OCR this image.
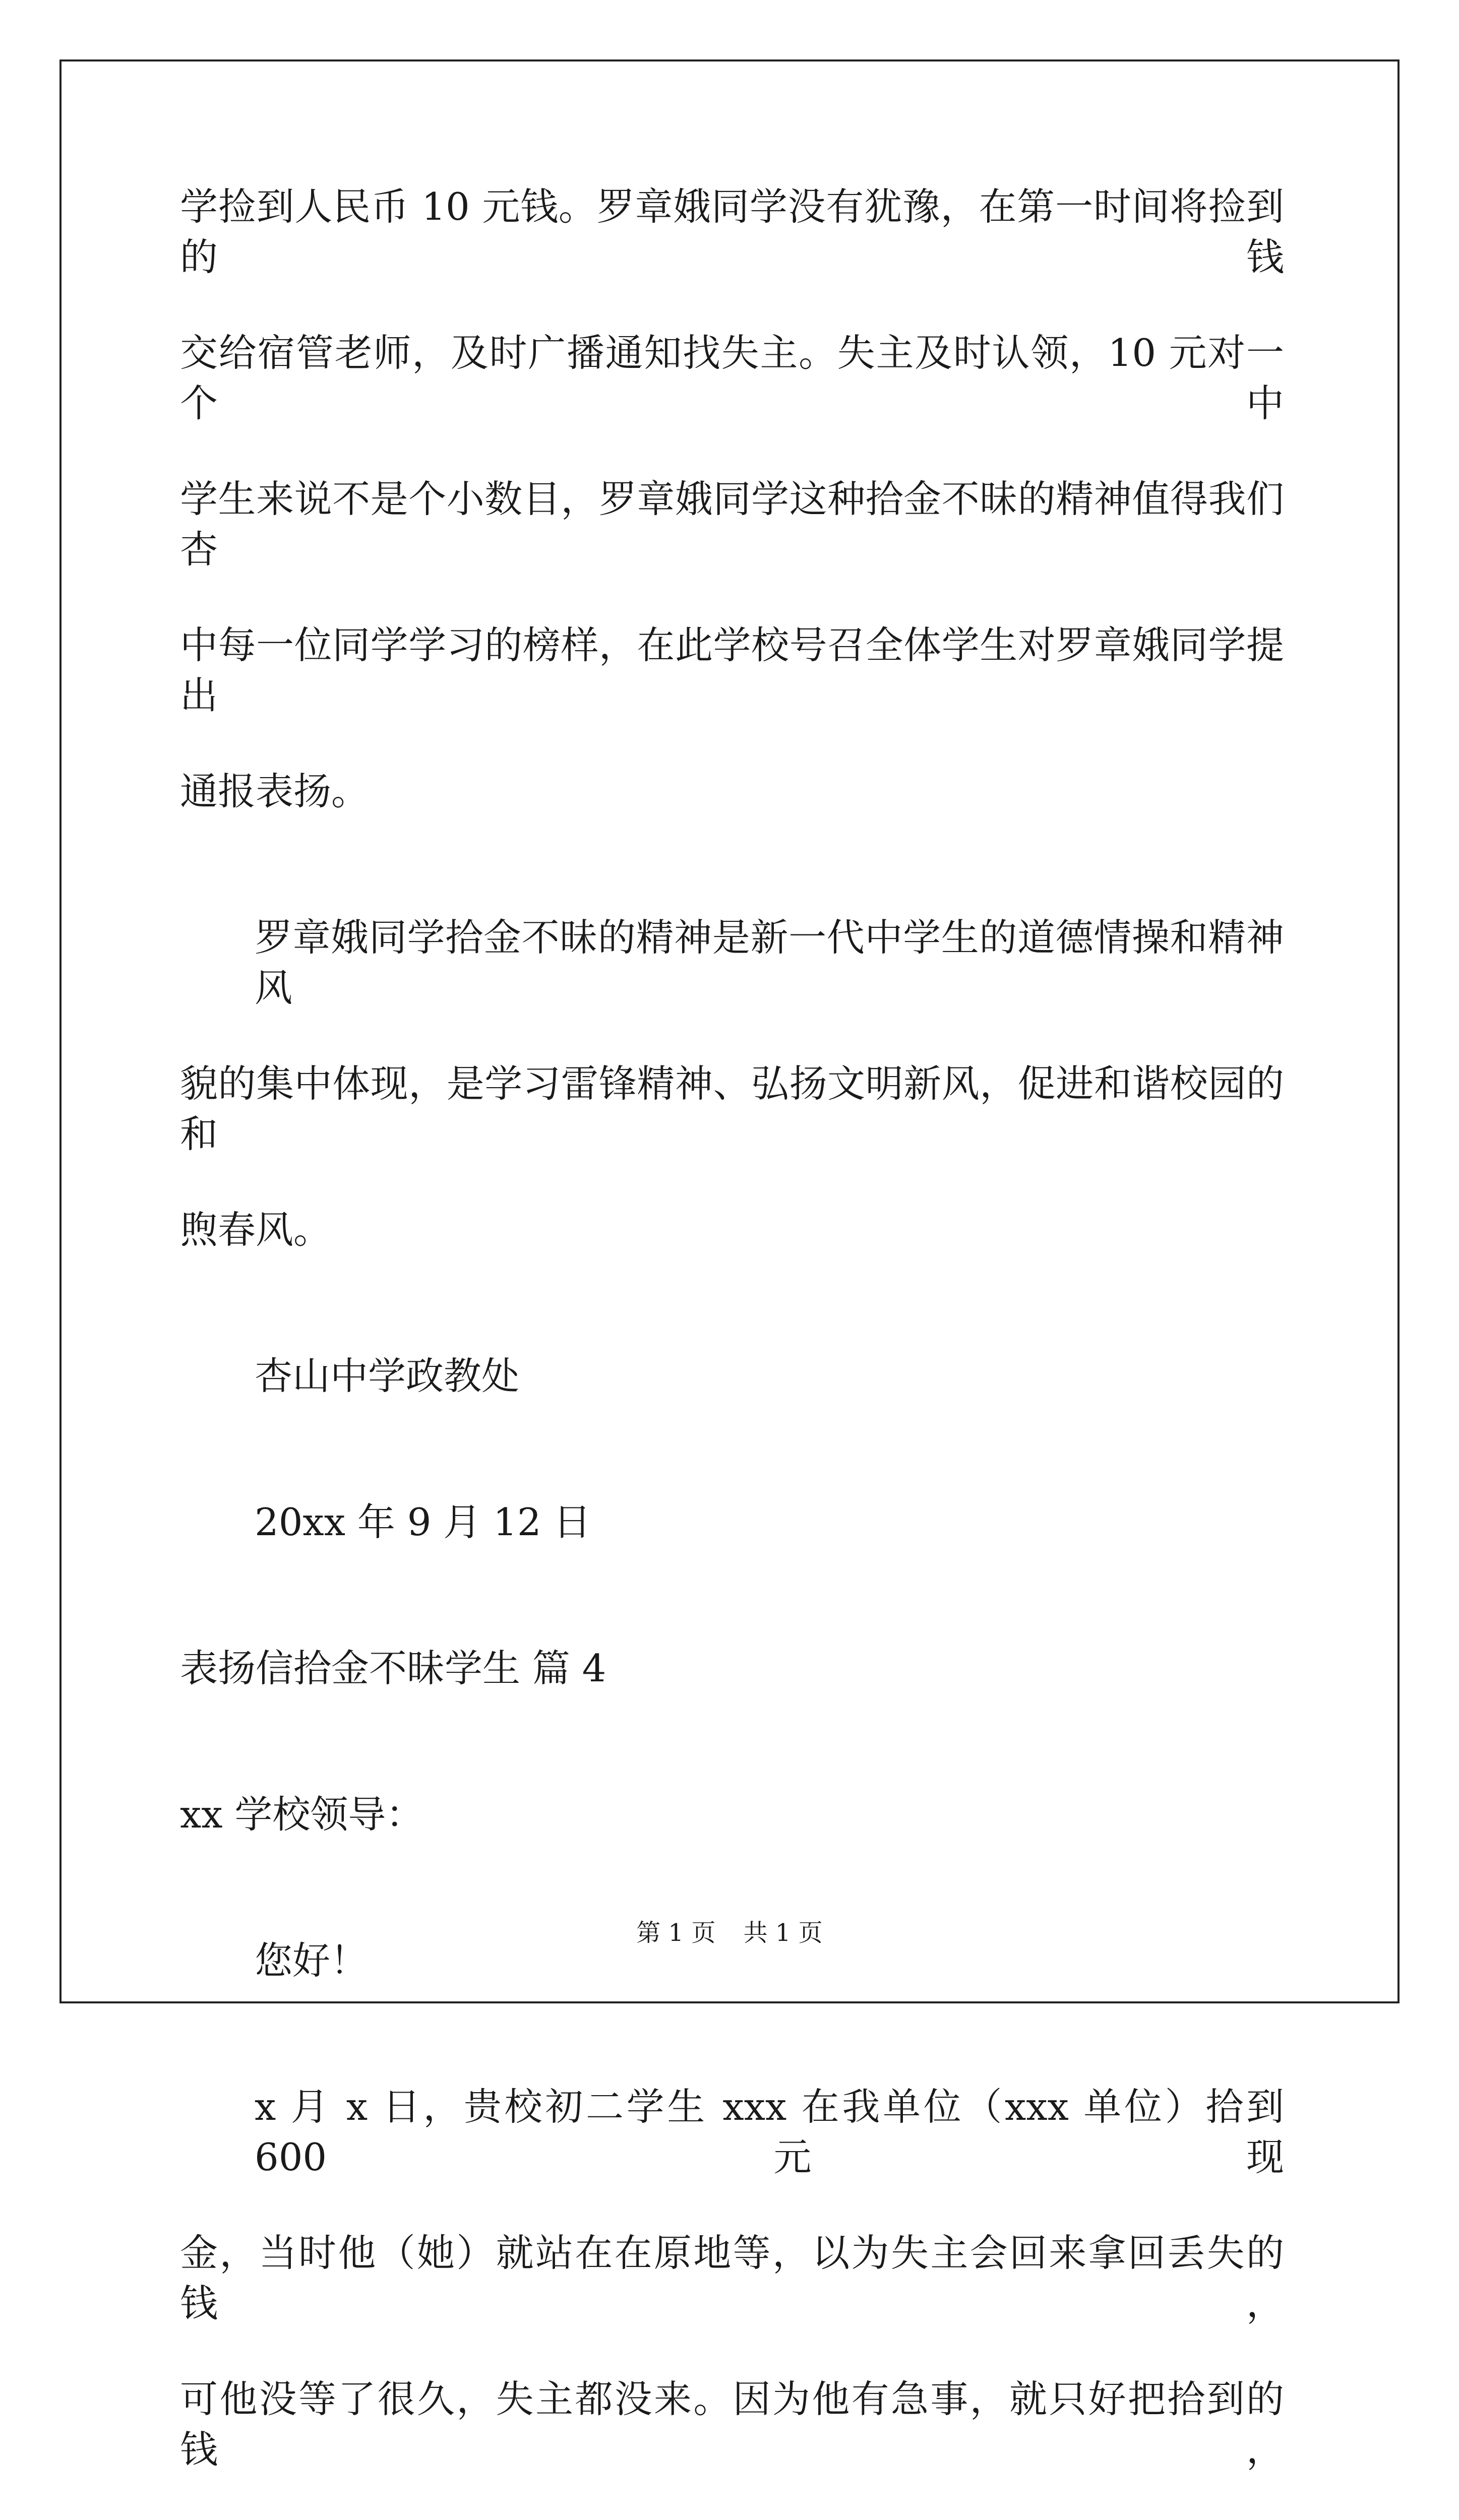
学捡到人民币 10 元钱。罗章娥同学没有犹豫，在第一时间将捡到的钱

交给宿管老师，及时广播通知找失主。失主及时认领，10 元对一个中

学生来说不是个小数目，罗章娥同学这种拾金不昧的精神值得我们杏

中每一位同学学习的榜样，在此学校号召全体学生对罗章娥同学提出

通报表扬。

罗章娥同学拾金不昧的精神是新一代中学生的道德情操和精神风

貌的集中体现，是学习雷锋精神、弘扬文明新风，促进和谐校园的和

煦春风。

杏山中学政教处

20xx 年 9 月 12 日

表扬信拾金不昧学生 篇 4

xx 学校领导：

您好！

x 月 x 日，贵校初二学生 xxx 在我单位（xxx 单位）拾到 600 元现

金，当时他（她）就站在在原地等，以为失主会回来拿回丢失的钱，

可他没等了很久，失主都没来。因为他有急事，就只好把拾到的钱，

第 1 页 共 1 页
